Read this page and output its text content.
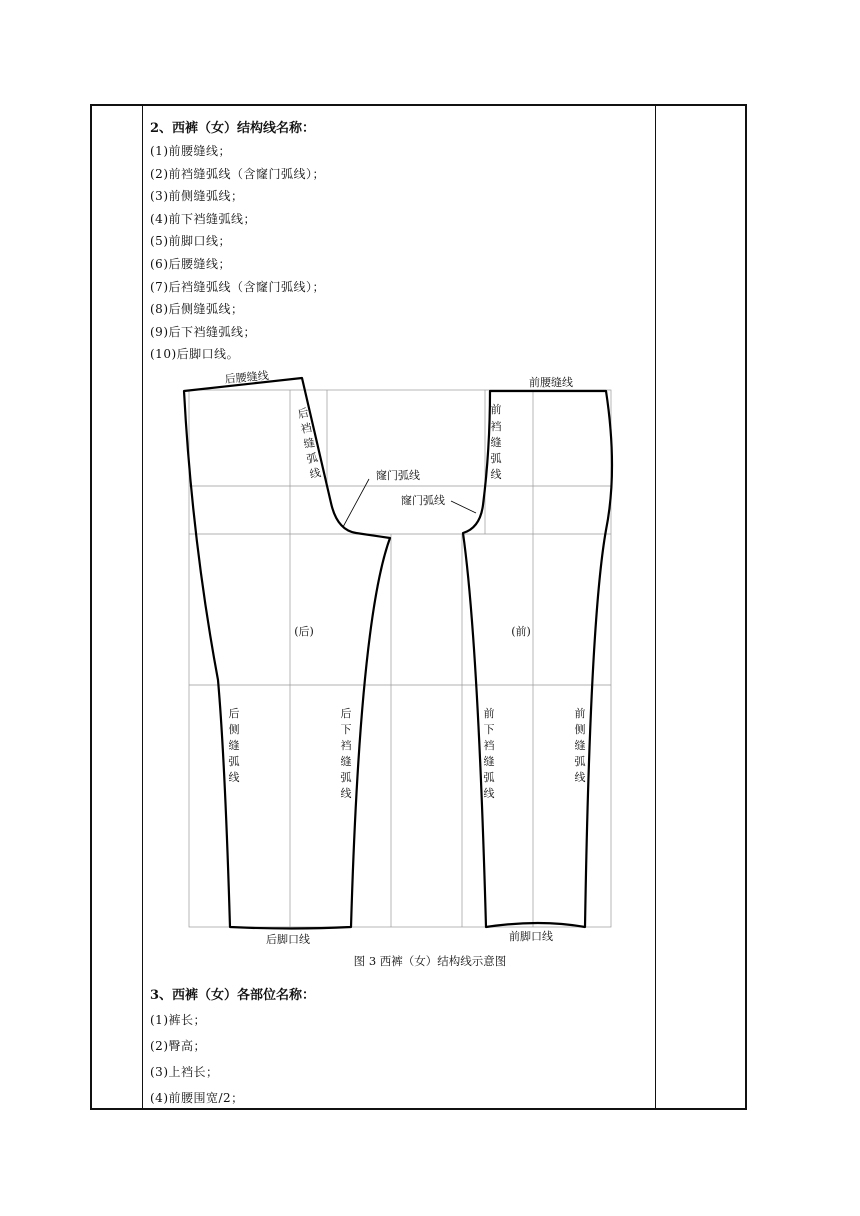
2、西裤（女）结构线名称：

(1)前腰缝线；

(2)前裆缝弧线（含窿门弧线）；

(3)前侧缝弧线；

(4)前下裆缝弧线；

(5)前脚口线；

(6)后腰缝线；

(7)后裆缝弧线（含窿门弧线）；

(8)后侧缝弧线；

(9)后下裆缝弧线；

(10)后脚口线。

后腰缝线	前腰缝线
后
裆
缝
弧
线
前
裆
缝
弧
线
窿门弧线
窿门弧线
(后)	(前)
后
侧
缝
弧
线
后
下
裆
缝
弧
线
前
下
裆
缝
弧
线
前
侧
缝
弧
线
后脚口线	前脚口线
图 3 西裤（女）结构线示意图

3、西裤（女）各部位名称：

(1)裤长；

(2)臀高；

(3)上裆长；

(4)前腰围宽/2；
